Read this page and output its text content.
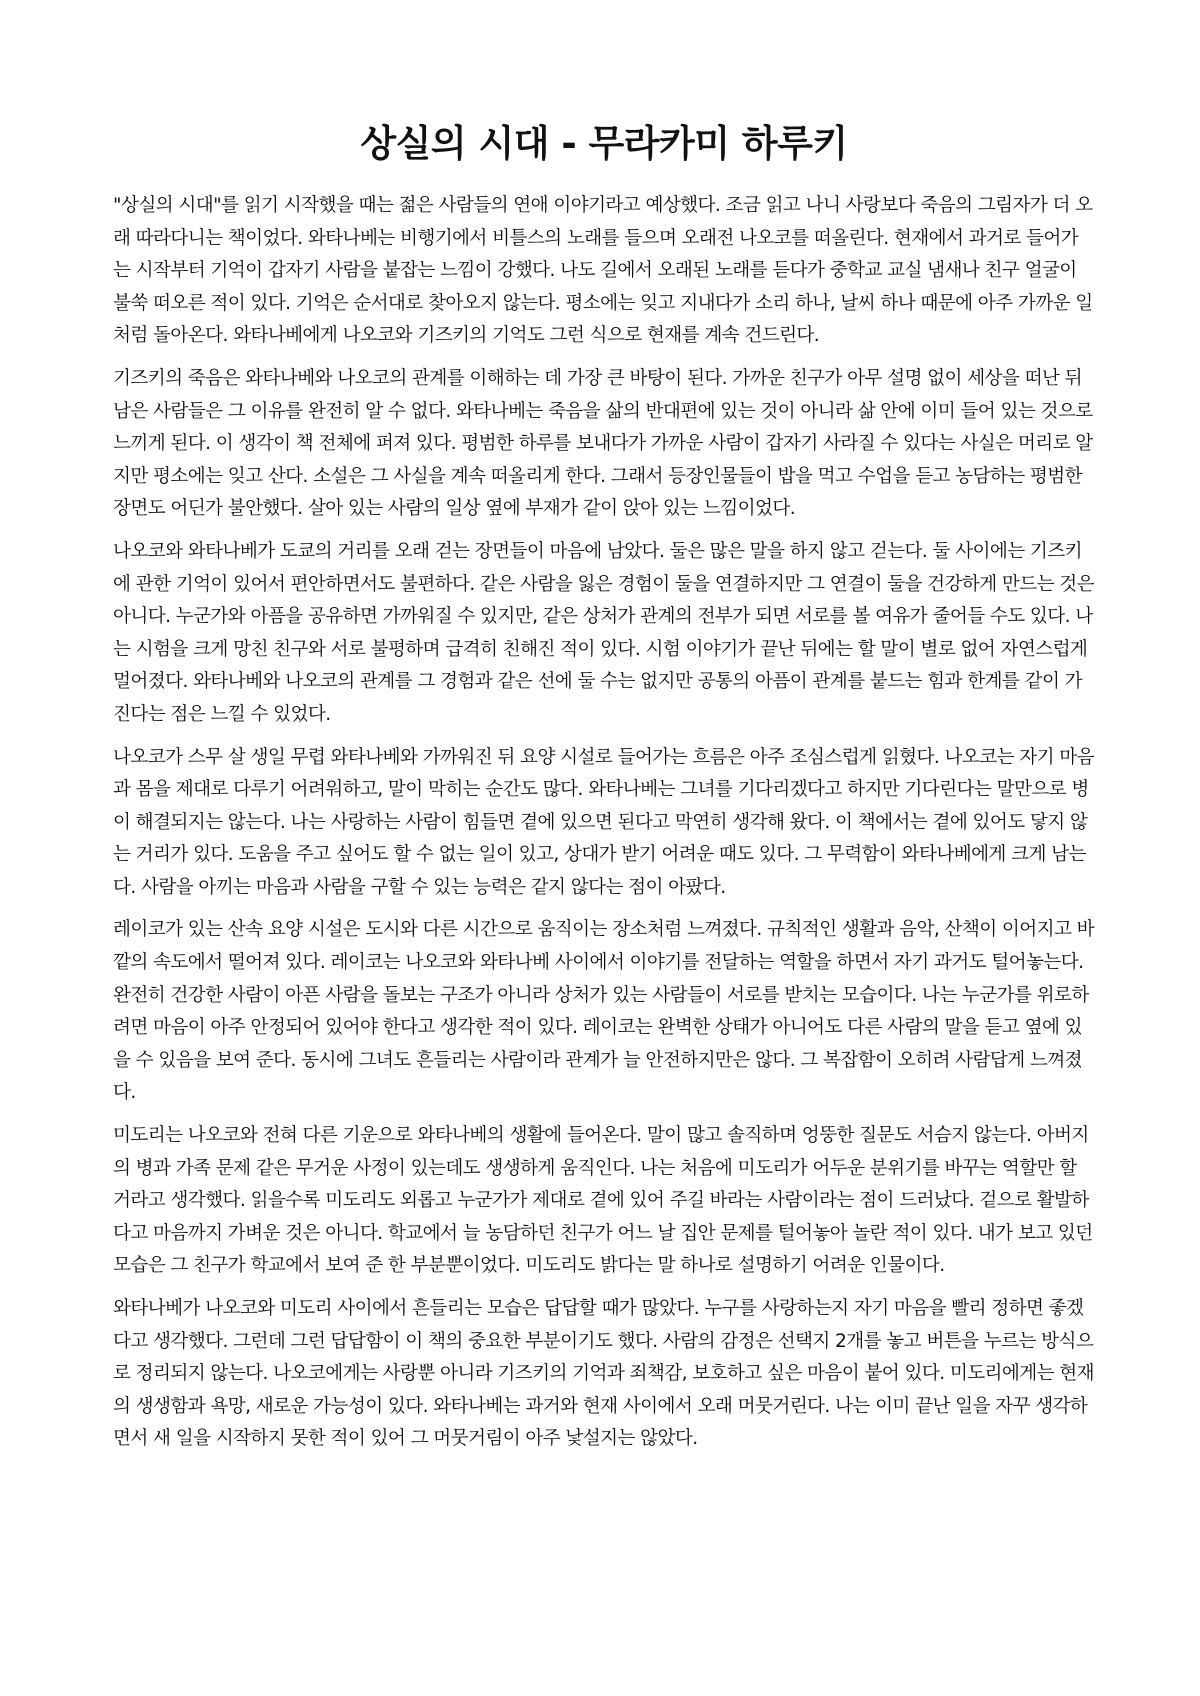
상실의 시대 - 무라카미 하루키

"상실의 시대"를 읽기 시작했을 때는 젊은 사람들의 연애 이야기라고 예상했다. 조금 읽고 나니 사랑보다 죽음의 그림자가 더 오래 따라다니는 책이었다. 와타나베는 비행기에서 비틀스의 노래를 들으며 오래전 나오코를 떠올린다. 현재에서 과거로 들어가는 시작부터 기억이 갑자기 사람을 붙잡는 느낌이 강했다. 나도 길에서 오래된 노래를 듣다가 중학교 교실 냄새나 친구 얼굴이 불쑥 떠오른 적이 있다. 기억은 순서대로 찾아오지 않는다. 평소에는 잊고 지내다가 소리 하나, 날씨 하나 때문에 아주 가까운 일처럼 돌아온다. 와타나베에게 나오코와 기즈키의 기억도 그런 식으로 현재를 계속 건드린다.

기즈키의 죽음은 와타나베와 나오코의 관계를 이해하는 데 가장 큰 바탕이 된다. 가까운 친구가 아무 설명 없이 세상을 떠난 뒤 남은 사람들은 그 이유를 완전히 알 수 없다. 와타나베는 죽음을 삶의 반대편에 있는 것이 아니라 삶 안에 이미 들어 있는 것으로 느끼게 된다. 이 생각이 책 전체에 퍼져 있다. 평범한 하루를 보내다가 가까운 사람이 갑자기 사라질 수 있다는 사실은 머리로 알지만 평소에는 잊고 산다. 소설은 그 사실을 계속 떠올리게 한다. 그래서 등장인물들이 밥을 먹고 수업을 듣고 농담하는 평범한 장면도 어딘가 불안했다. 살아 있는 사람의 일상 옆에 부재가 같이 앉아 있는 느낌이었다.

나오코와 와타나베가 도쿄의 거리를 오래 걷는 장면들이 마음에 남았다. 둘은 많은 말을 하지 않고 걷는다. 둘 사이에는 기즈키에 관한 기억이 있어서 편안하면서도 불편하다. 같은 사람을 잃은 경험이 둘을 연결하지만 그 연결이 둘을 건강하게 만드는 것은 아니다. 누군가와 아픔을 공유하면 가까워질 수 있지만, 같은 상처가 관계의 전부가 되면 서로를 볼 여유가 줄어들 수도 있다. 나는 시험을 크게 망친 친구와 서로 불평하며 급격히 친해진 적이 있다. 시험 이야기가 끝난 뒤에는 할 말이 별로 없어 자연스럽게 멀어졌다. 와타나베와 나오코의 관계를 그 경험과 같은 선에 둘 수는 없지만 공통의 아픔이 관계를 붙드는 힘과 한계를 같이 가진다는 점은 느낄 수 있었다.

나오코가 스무 살 생일 무렵 와타나베와 가까워진 뒤 요양 시설로 들어가는 흐름은 아주 조심스럽게 읽혔다. 나오코는 자기 마음과 몸을 제대로 다루기 어려워하고, 말이 막히는 순간도 많다. 와타나베는 그녀를 기다리겠다고 하지만 기다린다는 말만으로 병이 해결되지는 않는다. 나는 사랑하는 사람이 힘들면 곁에 있으면 된다고 막연히 생각해 왔다. 이 책에서는 곁에 있어도 닿지 않는 거리가 있다. 도움을 주고 싶어도 할 수 없는 일이 있고, 상대가 받기 어려운 때도 있다. 그 무력함이 와타나베에게 크게 남는다. 사람을 아끼는 마음과 사람을 구할 수 있는 능력은 같지 않다는 점이 아팠다.

레이코가 있는 산속 요양 시설은 도시와 다른 시간으로 움직이는 장소처럼 느껴졌다. 규칙적인 생활과 음악, 산책이 이어지고 바깥의 속도에서 떨어져 있다. 레이코는 나오코와 와타나베 사이에서 이야기를 전달하는 역할을 하면서 자기 과거도 털어놓는다. 완전히 건강한 사람이 아픈 사람을 돌보는 구조가 아니라 상처가 있는 사람들이 서로를 받치는 모습이다. 나는 누군가를 위로하려면 마음이 아주 안정되어 있어야 한다고 생각한 적이 있다. 레이코는 완벽한 상태가 아니어도 다른 사람의 말을 듣고 옆에 있을 수 있음을 보여 준다. 동시에 그녀도 흔들리는 사람이라 관계가 늘 안전하지만은 않다. 그 복잡함이 오히려 사람답게 느껴졌다.

미도리는 나오코와 전혀 다른 기운으로 와타나베의 생활에 들어온다. 말이 많고 솔직하며 엉뚱한 질문도 서슴지 않는다. 아버지의 병과 가족 문제 같은 무거운 사정이 있는데도 생생하게 움직인다. 나는 처음에 미도리가 어두운 분위기를 바꾸는 역할만 할 거라고 생각했다. 읽을수록 미도리도 외롭고 누군가가 제대로 곁에 있어 주길 바라는 사람이라는 점이 드러났다. 겉으로 활발하다고 마음까지 가벼운 것은 아니다. 학교에서 늘 농담하던 친구가 어느 날 집안 문제를 털어놓아 놀란 적이 있다. 내가 보고 있던 모습은 그 친구가 학교에서 보여 준 한 부분뿐이었다. 미도리도 밝다는 말 하나로 설명하기 어려운 인물이다.

와타나베가 나오코와 미도리 사이에서 흔들리는 모습은 답답할 때가 많았다. 누구를 사랑하는지 자기 마음을 빨리 정하면 좋겠다고 생각했다. 그런데 그런 답답함이 이 책의 중요한 부분이기도 했다. 사람의 감정은 선택지 2개를 놓고 버튼을 누르는 방식으로 정리되지 않는다. 나오코에게는 사랑뿐 아니라 기즈키의 기억과 죄책감, 보호하고 싶은 마음이 붙어 있다. 미도리에게는 현재의 생생함과 욕망, 새로운 가능성이 있다. 와타나베는 과거와 현재 사이에서 오래 머뭇거린다. 나는 이미 끝난 일을 자꾸 생각하면서 새 일을 시작하지 못한 적이 있어 그 머뭇거림이 아주 낯설지는 않았다.
